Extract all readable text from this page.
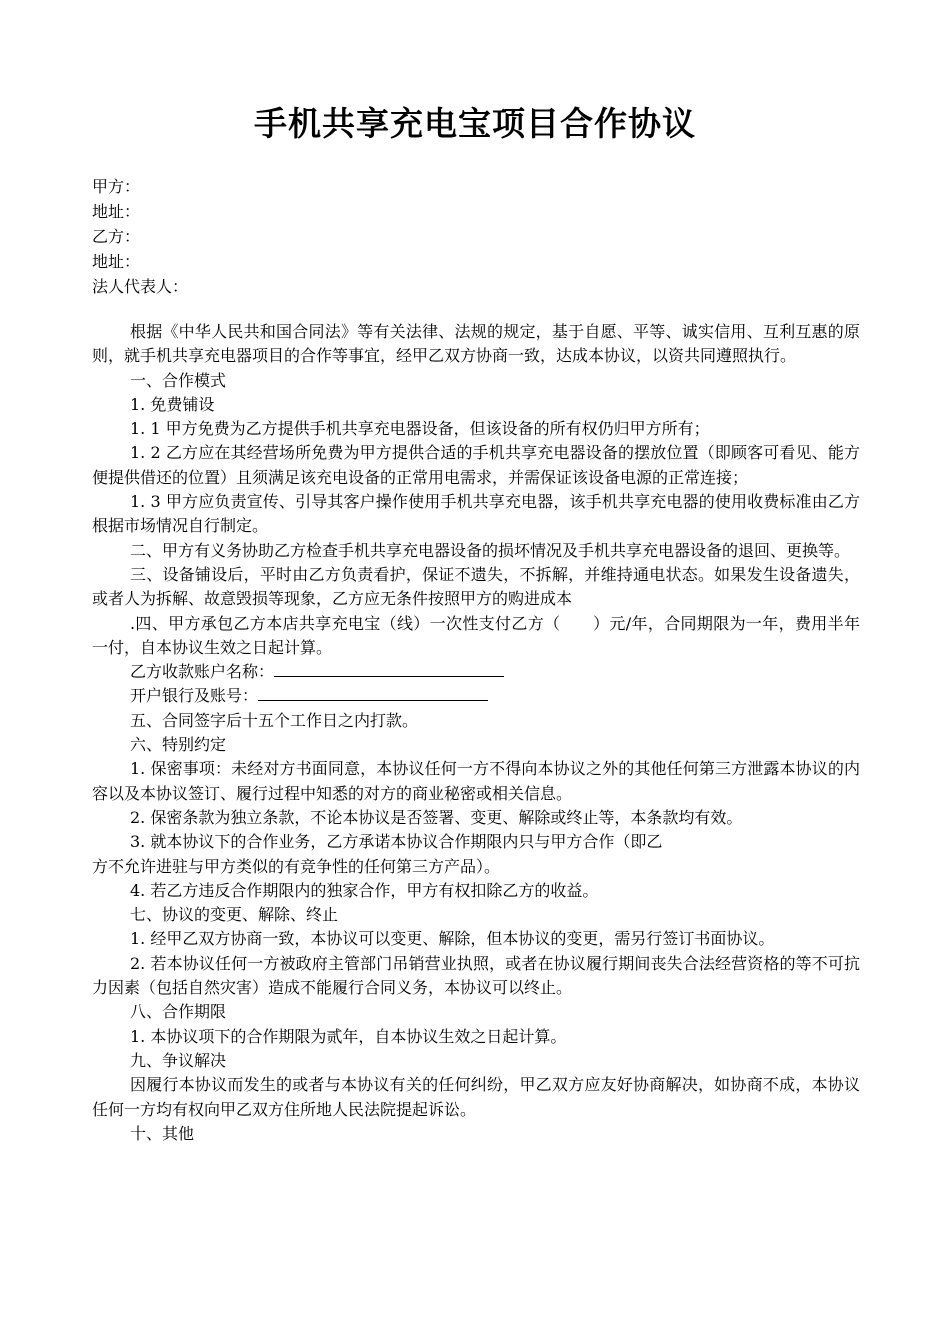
手机共享充电宝项目合作协议
甲方：
地址：
乙方：
地址：
法人代表人：

根据《中华人民共和国合同法》等有关法律、法规的规定，基于自愿、平等、诚实信用、互利互惠的原则，就手机共享充电器项目的合作等事宜，经甲乙双方协商一致，达成本协议，以资共同遵照执行。

一、合作模式

1. 免费铺设

1. 1 甲方免费为乙方提供手机共享充电器设备，但该设备的所有权仍归甲方所有；

1. 2 乙方应在其经营场所免费为甲方提供合适的手机共享充电器设备的摆放位置（即顾客可看见、能方便提供借还的位置）且须满足该充电设备的正常用电需求，并需保证该设备电源的正常连接；

1. 3 甲方应负责宣传、引导其客户操作使用手机共享充电器，该手机共享充电器的使用收费标准由乙方根据市场情况自行制定。

二、甲方有义务协助乙方检查手机共享充电器设备的损坏情况及手机共享充电器设备的退回、更换等。

三、设备铺设后，平时由乙方负责看护，保证不遗失，不拆解，并维持通电状态。如果发生设备遗失，或者人为拆解、故意毁损等现象，乙方应无条件按照甲方的购进成本

.四、甲方承包乙方本店共享充电宝（线）一次性支付乙方（　　）元/年，合同期限为一年，费用半年一付，自本协议生效之日起计算。

乙方收款账户名称：

开户银行及账号：

五、合同签字后十五个工作日之内打款。

六、特别约定

1. 保密事项：未经对方书面同意，本协议任何一方不得向本协议之外的其他任何第三方泄露本协议的内容以及本协议签订、履行过程中知悉的对方的商业秘密或相关信息。

2. 保密条款为独立条款，不论本协议是否签署、变更、解除或终止等，本条款均有效。

3. 就本协议下的合作业务，乙方承诺本协议合作期限内只与甲方合作（即乙

方不允许进驻与甲方类似的有竞争性的任何第三方产品）。

4. 若乙方违反合作期限内的独家合作，甲方有权扣除乙方的收益。

七、协议的变更、解除、终止

1. 经甲乙双方协商一致，本协议可以变更、解除，但本协议的变更，需另行签订书面协议。

2. 若本协议任何一方被政府主管部门吊销营业执照，或者在协议履行期间丧失合法经营资格的等不可抗力因素（包括自然灾害）造成不能履行合同义务，本协议可以终止。

八、合作期限

1. 本协议项下的合作期限为贰年，自本协议生效之日起计算。

九、争议解决

因履行本协议而发生的或者与本协议有关的任何纠纷，甲乙双方应友好协商解决，如协商不成，本协议任何一方均有权向甲乙双方住所地人民法院提起诉讼。

十、其他
